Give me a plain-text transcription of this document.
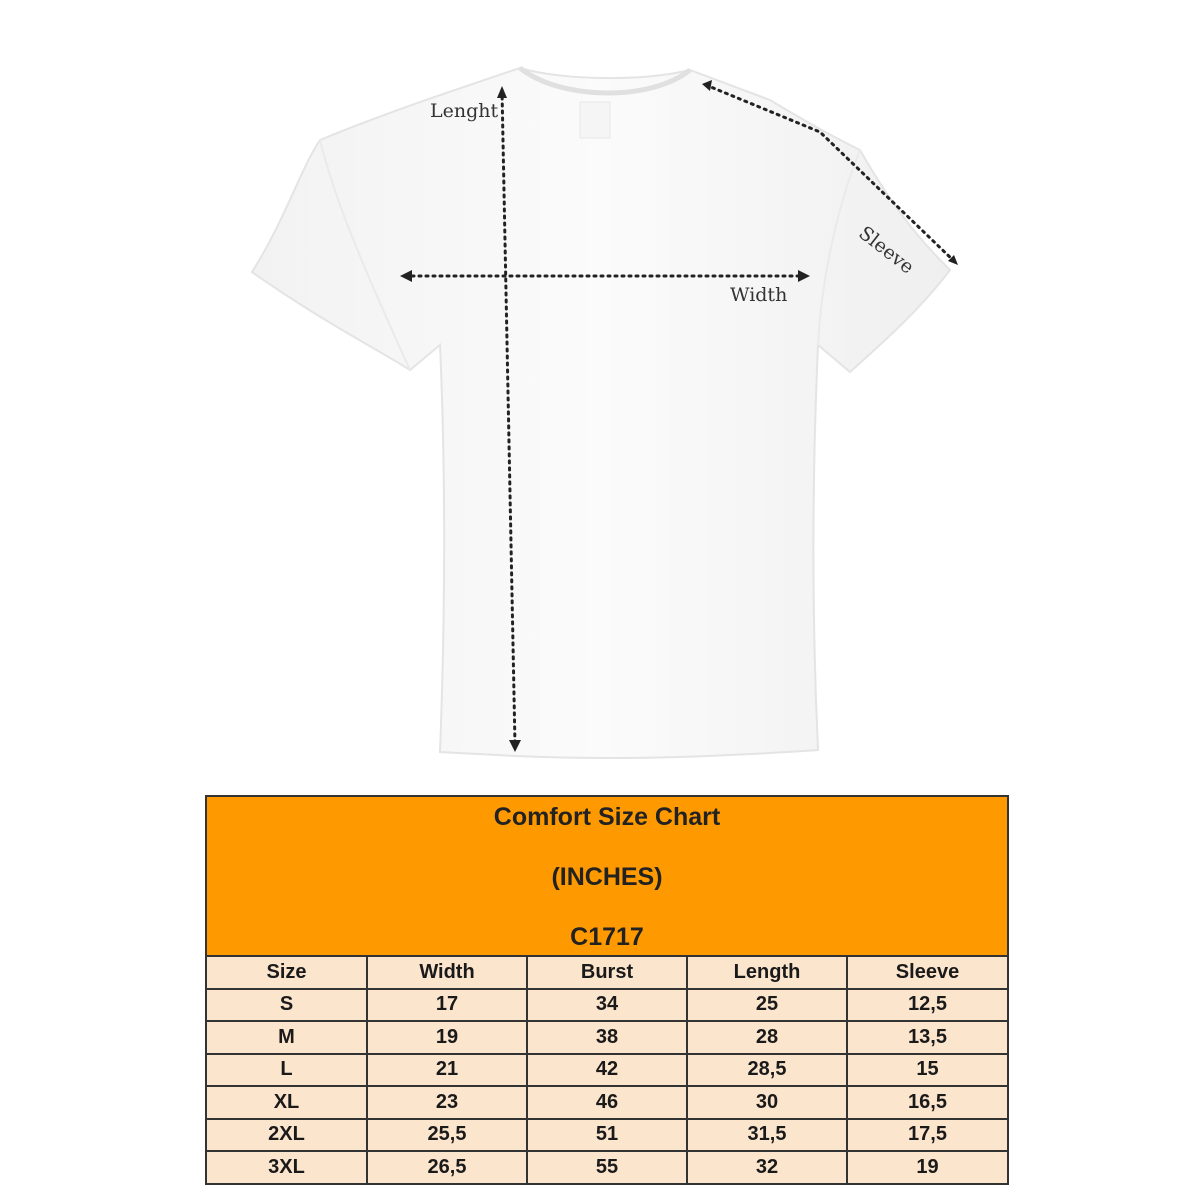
Lenght
Width
Sleeve
Comfort Size Chart
(INCHES)
C1717
Size	Width	Burst	Length	Sleeve
S	17	34	25	12,5
M	19	38	28	13,5
L	21	42	28,5	15
XL	23	46	30	16,5
2XL	25,5	51	31,5	17,5
3XL	26,5	55	32	19
